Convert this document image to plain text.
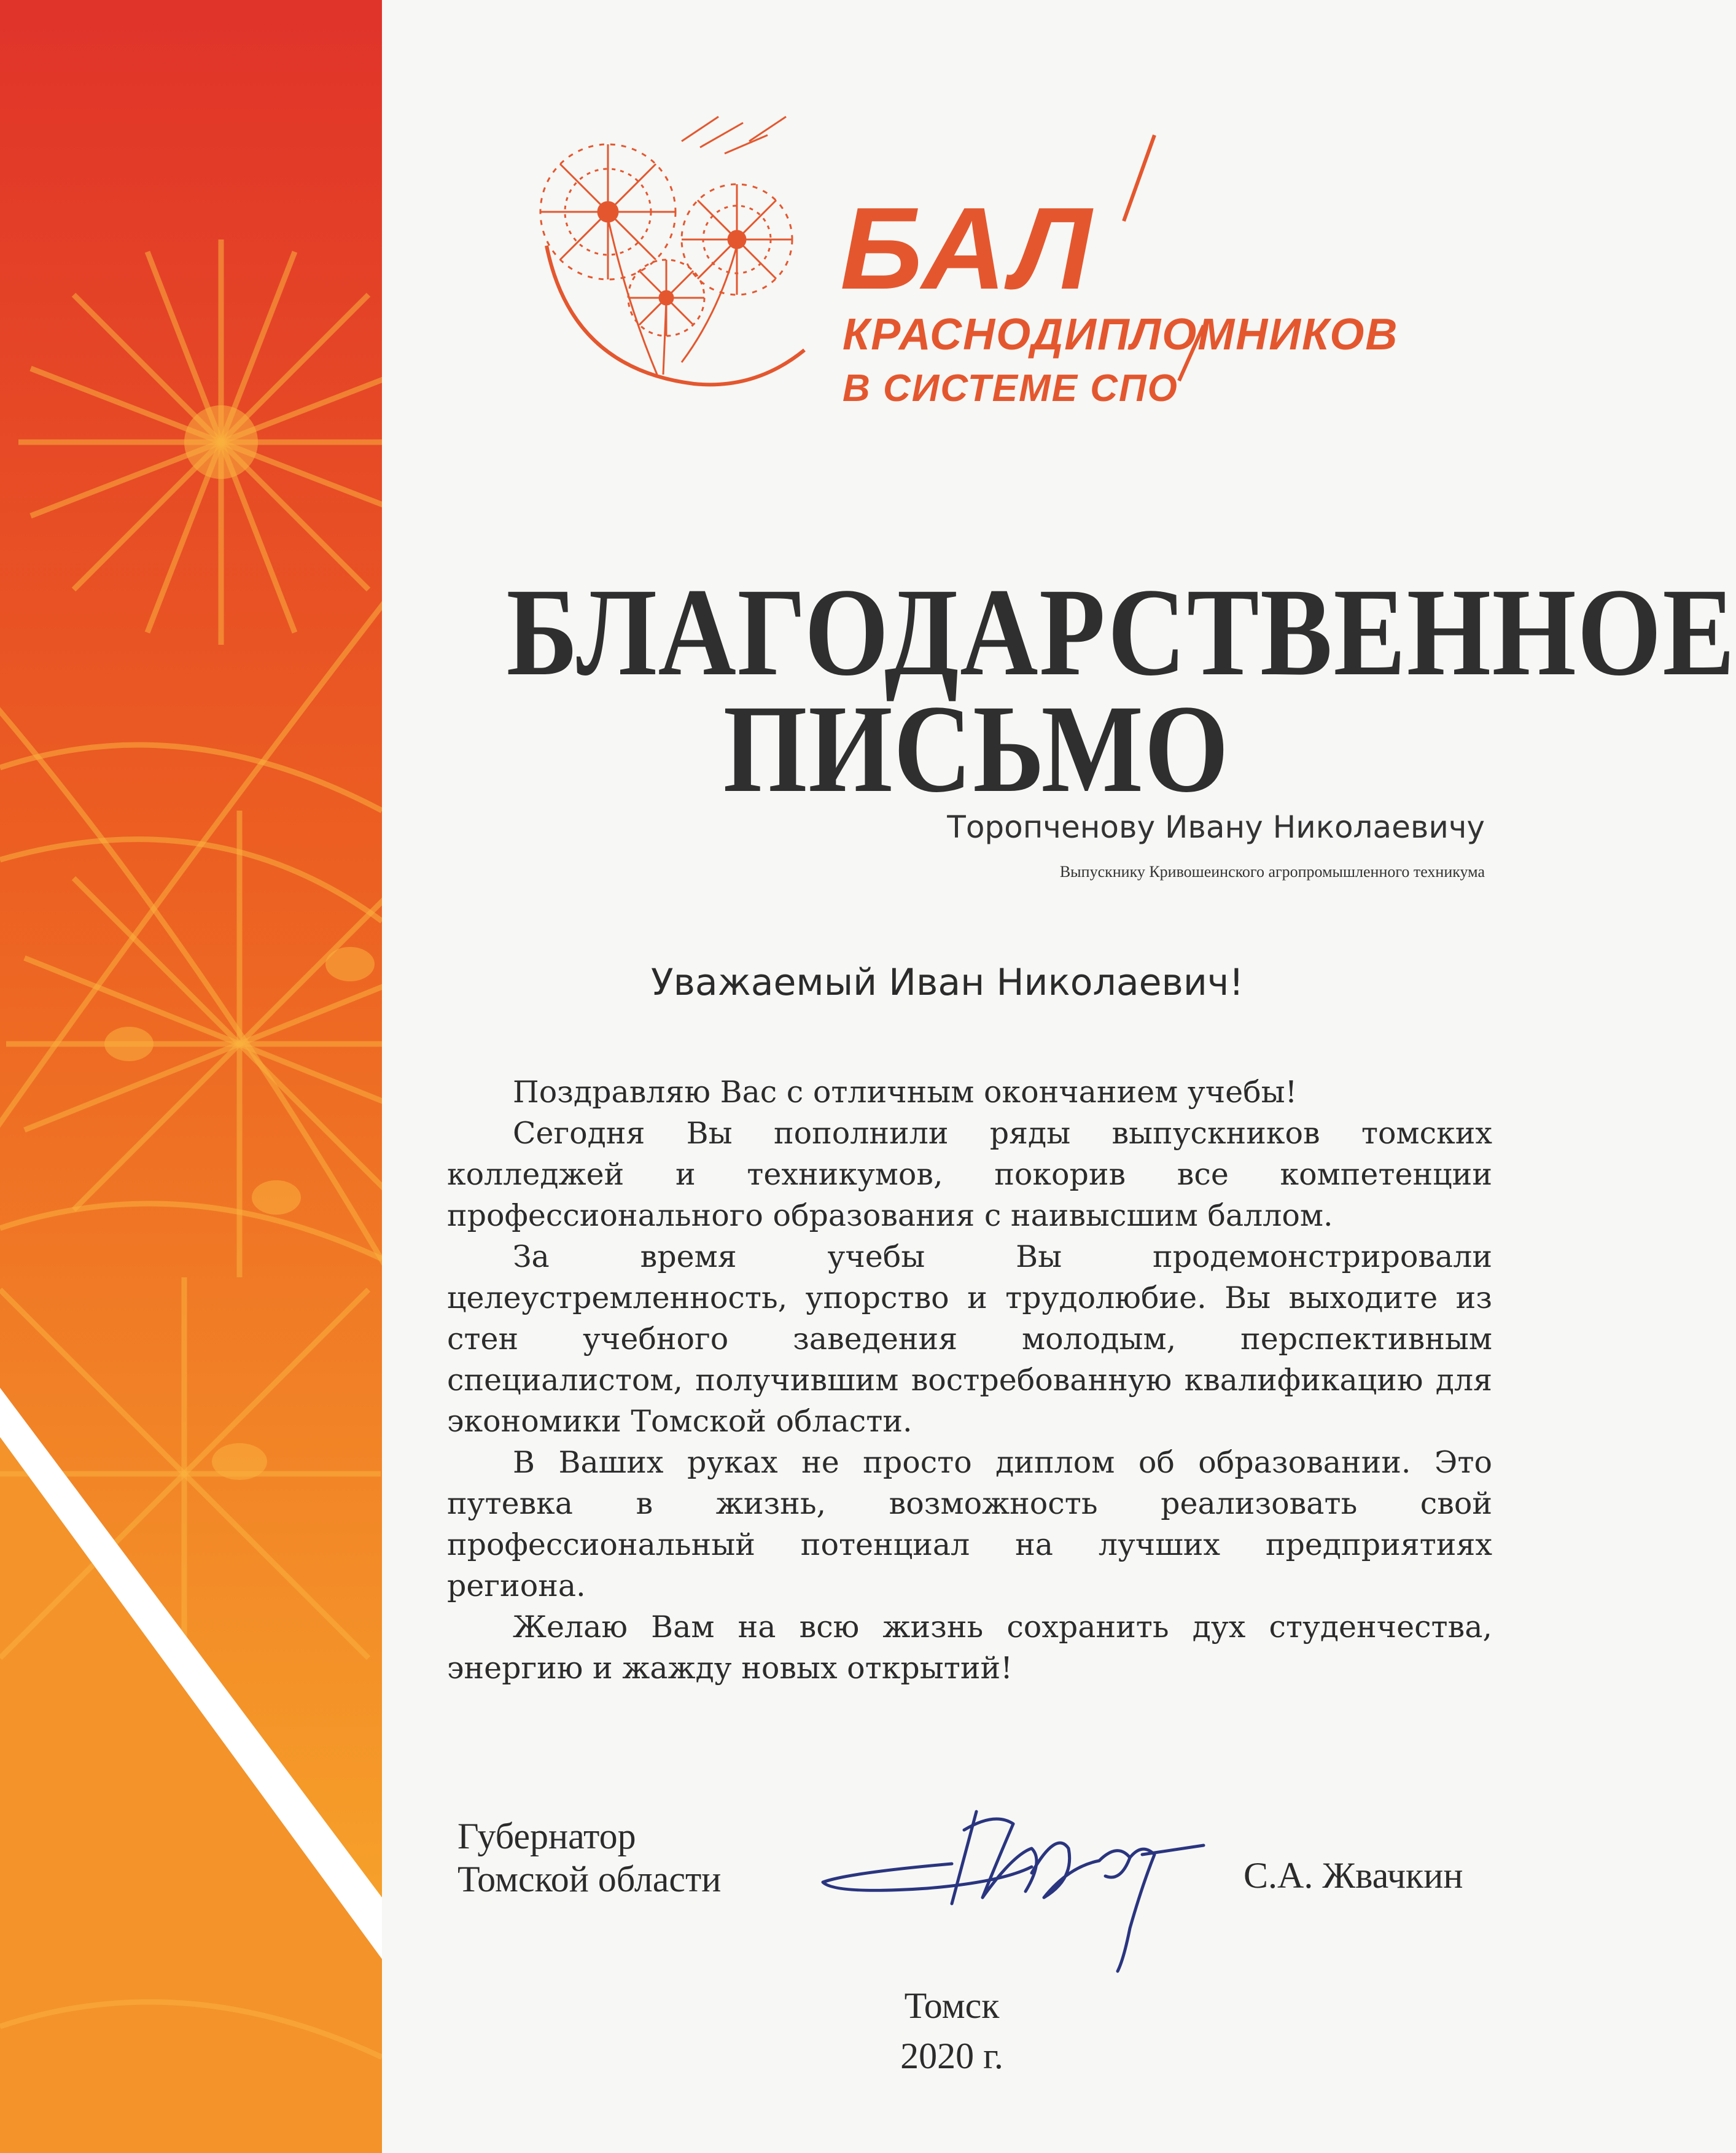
БАЛ
КРАСНОДИПЛОМНИКОВ
В СИСТЕМЕ СПО
БЛАГОДАРСТВЕННОЕ
ПИСЬМО
Торопченову Ивану Николаевичу
Выпускнику Кривошеинского агропромышленного техникума
Уважаемый Иван Николаевич!

Поздравляю Вас с отличным окончанием учебы!

Сегодня Вы пополнили ряды выпускников томских колледжей и техникумов, покорив все компетенции профессионального образования с наивысшим баллом.

За время учебы Вы продемонстрировали целеустремленность, упорство и трудолюбие. Вы выходите из стен учебного заведения молодым, перспективным специалистом, получившим востребованную квалификацию для экономики Томской области.

В Ваших руках не просто диплом об образовании. Это путевка в жизнь, возможность реализовать свой профессиональный потенциал на лучших предприятиях региона.

Желаю Вам на всю жизнь сохранить дух студенчества, энергию и жажду новых открытий!

Губернатор
Томской области	С.А. Жвачкин
Томск
2020 г.
